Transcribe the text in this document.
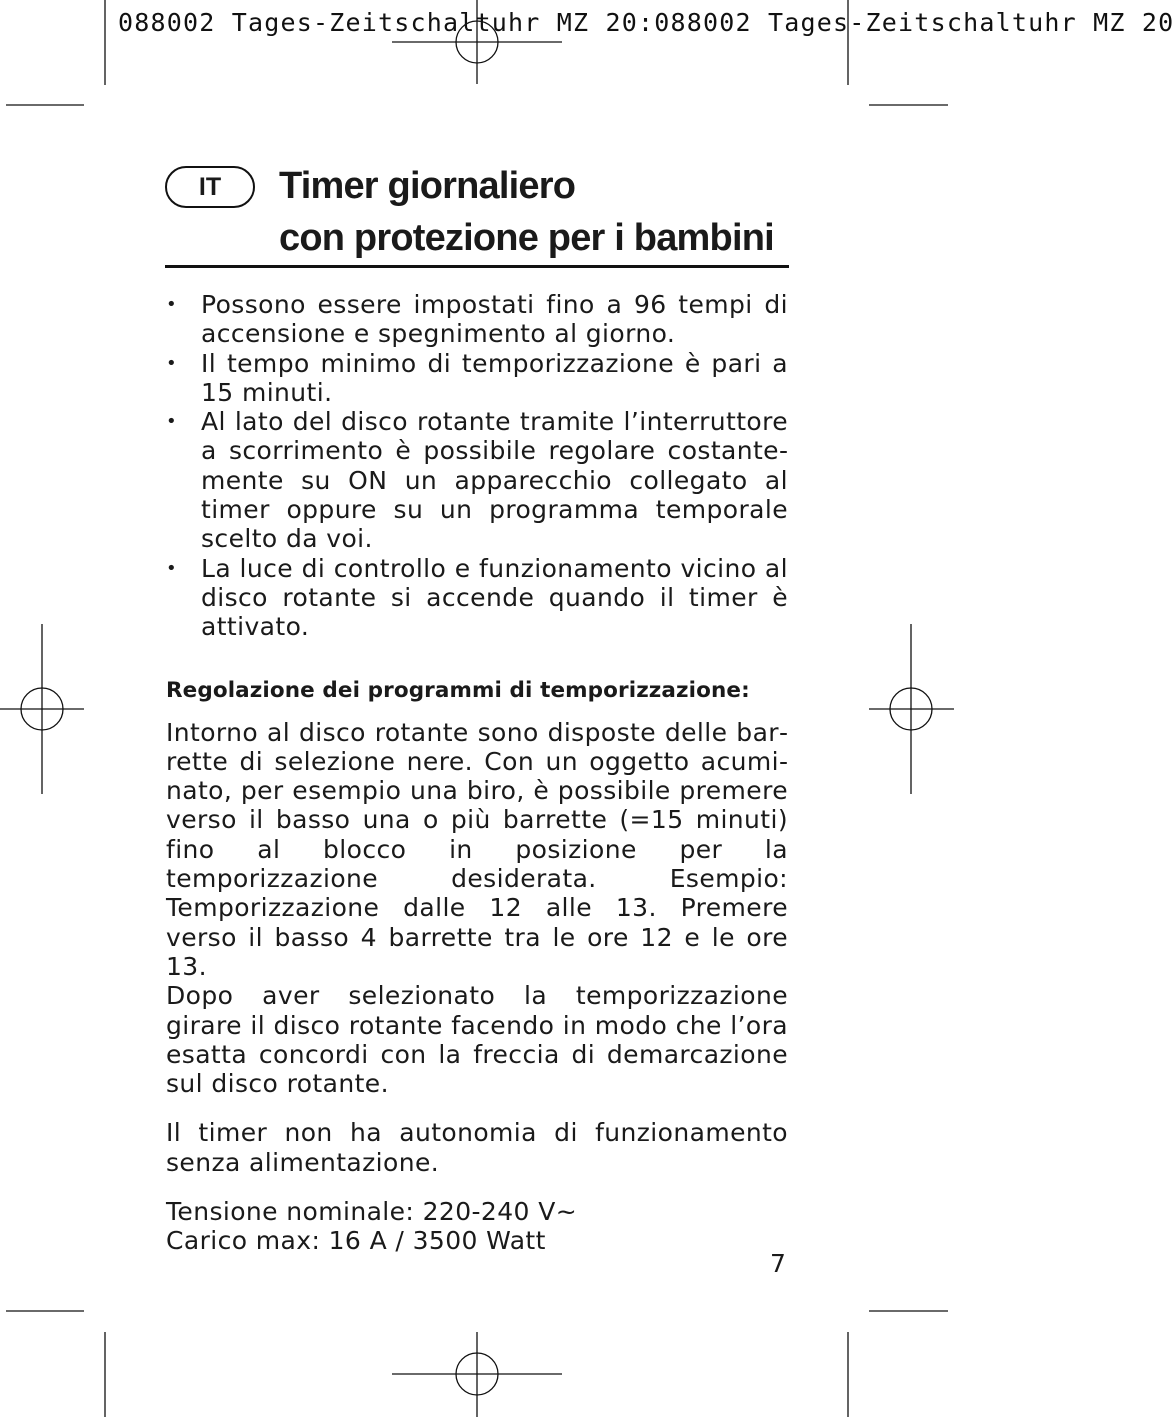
088002 Tages-Zeitschaltuhr MZ 20:088002 Tages-Zeitschaltuhr MZ 20
IT	Timer giornaliero
con protezione per i bambini
• Possono essere impostati fino a 96 tempi di accensione e spegnimento al giorno.
• Il tempo minimo di temporizzazione è pari a 15 minuti.
• Al lato del disco rotante tramite l’interruttore a scorrimento è possibile regolare costantemente su ON un apparecchio collegato al timer oppure su un programma temporale scelto da voi.
• La luce di controllo e funzionamento vicino al disco rotante si accende quando il timer è attivato.
Regolazione dei programmi di temporizzazione:

Intorno al disco rotante sono disposte delle barrette di selezione nere. Con un oggetto acuminato, per esempio una biro, è possibile premere verso il basso una o più barrette (=15 minuti) fino al blocco in posizione per la temporizzazione desiderata. Esempio: Temporizzazione dalle 12 alle 13. Premere verso il basso 4 barrette tra le ore 12 e le ore 13.

Dopo aver selezionato la temporizzazione girare il disco rotante facendo in modo che l’ora esatta concordi con la freccia di demarcazione sul disco rotante.

Il timer non ha autonomia di funzionamento senza alimentazione.

Tensione nominale: 220-240 V~
Carico max: 16 A / 3500 Watt
7
